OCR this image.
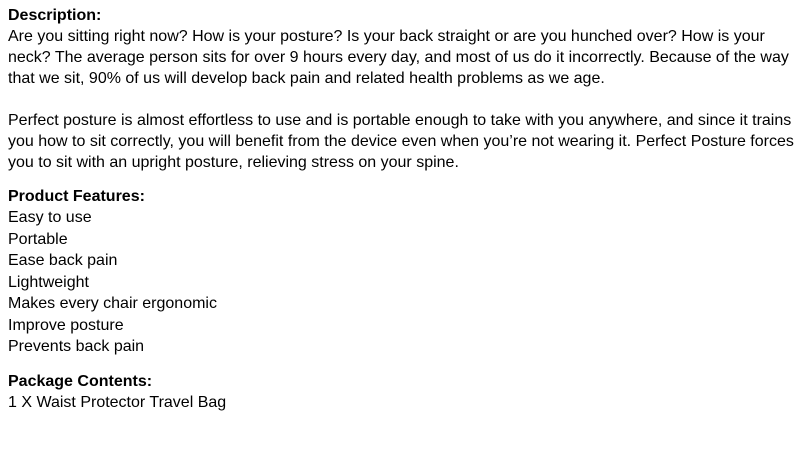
Description:

Are you sitting right now? How is your posture? Is your back straight or are you hunched over? How is your neck? The average person sits for over 9 hours every day, and most of us do it incorrectly. Because of the way that we sit, 90% of us will develop back pain and related health problems as we age.

Perfect posture is almost effortless to use and is portable enough to take with you anywhere, and since it trains you how to sit correctly, you will benefit from the device even when you’re not wearing it. Perfect Posture forces you to sit with an upright posture, relieving stress on your spine.

Product Features:
Easy to use
Portable
Ease back pain
Lightweight
Makes every chair ergonomic
Improve posture
Prevents back pain
Package Contents:

1 X Waist Protector Travel Bag
